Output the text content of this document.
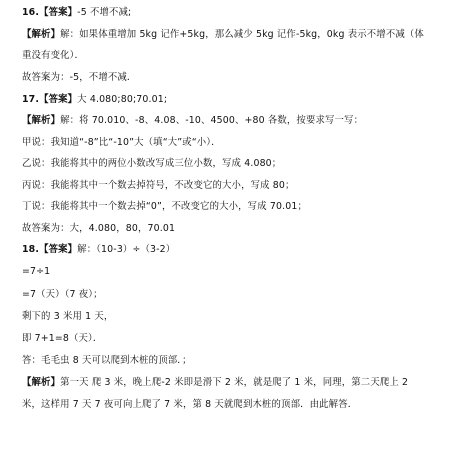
16.【答案】-5 不增不减;
【解析】解：如果体重增加 5kg 记作+5kg，那么减少 5kg 记作-5kg，0kg 表示不增不减（体
重没有变化）．
故答案为：-5，不增不减．
17.【答案】大 4.080;80;70.01;
【解析】解：将 70.010、-8、4.08、-10、4500、+80 各数，按要求写一写：
甲说：我知道“-8”比“-10”大（填“大”或“小）．
乙说：我能将其中的两位小数改写成三位小数，写成 4.080；
丙说：我能将其中一个数去掉符号，不改变它的大小，写成 80；
丁说：我能将其中一个数去掉“0”，不改变它的大小，写成 70.01；
故答案为：大，4.080，80，70.01
18.【答案】解：（10-3）÷（3-2）
=7÷1
=7（天）（7 夜）；
剩下的 3 米用 1 天，
即 7+1=8（天）．
答：毛毛虫 8 天可以爬到木桩的顶部．；
【解析】第一天 爬 3 米，晚上爬-2 米即是滑下 2 米，就是爬了 1 米，同理，第二天爬上 2
米，这样用 7 天 7 夜可向上爬了 7 米，第 8 天就爬到木桩的顶部．由此解答．
